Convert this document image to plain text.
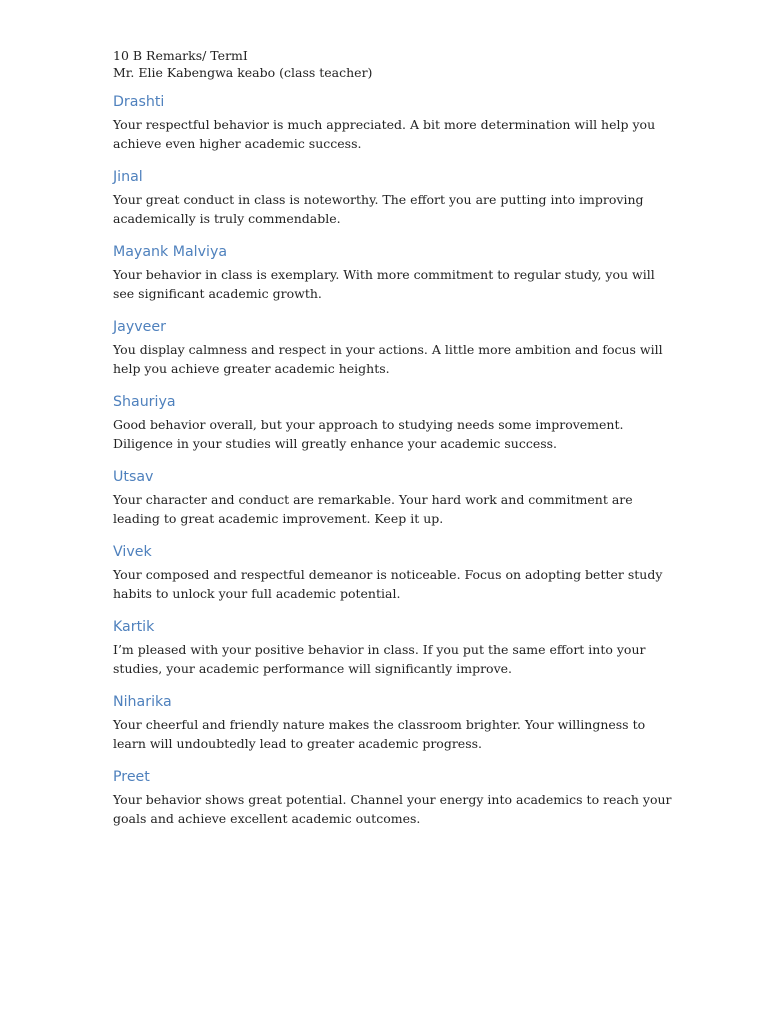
10 B Remarks/ TermI
Mr. Elie Kabengwa keabo (class teacher)
Drashti

Your respectful behavior is much appreciated. A bit more determination will help you achieve even higher academic success.

Jinal

Your great conduct in class is noteworthy. The effort you are putting into improving academically is truly commendable.

Mayank Malviya

Your behavior in class is exemplary. With more commitment to regular study, you will see significant academic growth.

Jayveer

You display calmness and respect in your actions. A little more ambition and focus will help you achieve greater academic heights.

Shauriya

Good behavior overall, but your approach to studying needs some improvement. Diligence in your studies will greatly enhance your academic success.

Utsav

Your character and conduct are remarkable. Your hard work and commitment are leading to great academic improvement. Keep it up.

Vivek

Your composed and respectful demeanor is noticeable. Focus on adopting better study habits to unlock your full academic potential.

Kartik

I’m pleased with your positive behavior in class. If you put the same effort into your studies, your academic performance will significantly improve.

Niharika

Your cheerful and friendly nature makes the classroom brighter. Your willingness to learn will undoubtedly lead to greater academic progress.

Preet

Your behavior shows great potential. Channel your energy into academics to reach your goals and achieve excellent academic outcomes.
